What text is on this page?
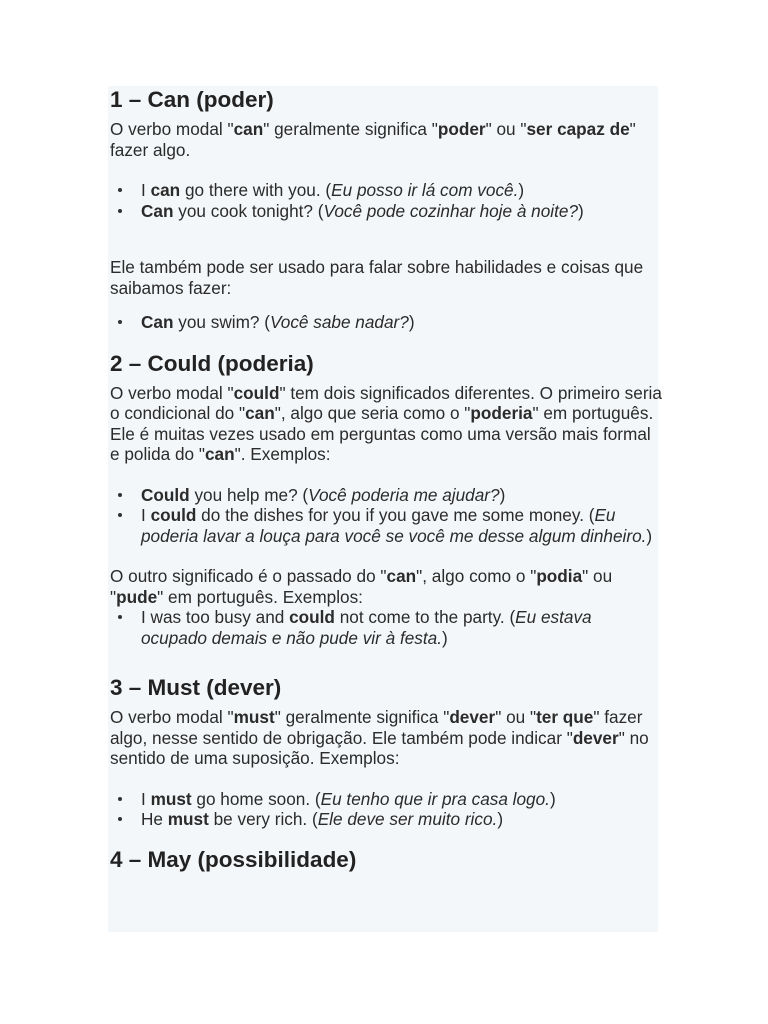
1 – Can (poder)

O verbo modal "can" geralmente significa "poder" ou "ser capaz de" fazer algo.

I can go there with you. (Eu posso ir lá com você.)
Can you cook tonight? (Você pode cozinhar hoje à noite?)

Ele também pode ser usado para falar sobre habilidades e coisas que saibamos fazer:

Can you swim? (Você sabe nadar?)
2 – Could (poderia)

O verbo modal "could" tem dois significados diferentes. O primeiro seria o condicional do "can", algo que seria como o "poderia" em português.
Ele é muitas vezes usado em perguntas como uma versão mais formal e polida do "can". Exemplos:

Could you help me? (Você poderia me ajudar?)
I could do the dishes for you if you gave me some money. (Eu poderia lavar a louça para você se você me desse algum dinheiro.)

O outro significado é o passado do "can", algo como o "podia" ou "pude" em português. Exemplos:

I was too busy and could not come to the party. (Eu estava ocupado demais e não pude vir à festa.)
3 – Must (dever)

O verbo modal "must" geralmente significa "dever" ou "ter que" fazer algo, nesse sentido de obrigação. Ele também pode indicar "dever" no sentido de uma suposição. Exemplos:

I must go home soon. (Eu tenho que ir pra casa logo.)
He must be very rich. (Ele deve ser muito rico.)
4 – May (possibilidade)
